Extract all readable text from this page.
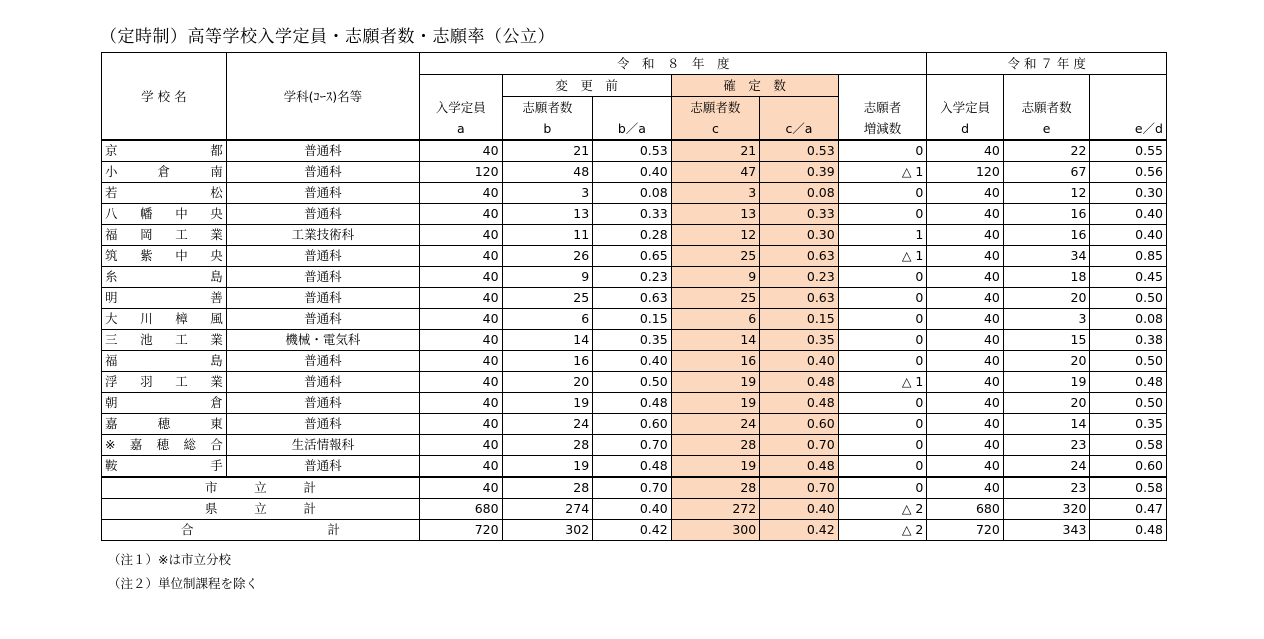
（定時制）高等学校入学定員・志願者数・志願率（公立）
学 校 名	学科(ｺｰｽ)名等	令　和　８　年　度						令 和 ７ 年 度		
			変　更　前		確　定　数					
		入学定員	志願者数		志願者数		志願者	入学定員	志願者数	
		a	b	b／a	c	c／a	増減数	d	e	e／d

京 都	普通科	40	21	0.53	21	0.53	0	40	22	0.55

小 倉 南	普通科	120	48	0.40	47	0.39	△ 1	120	67	0.56

若 松	普通科	40	3	0.08	3	0.08	0	40	12	0.30

八 幡 中 央	普通科	40	13	0.33	13	0.33	0	40	16	0.40

福 岡 工 業	工業技術科	40	11	0.28	12	0.30	1	40	16	0.40

筑 紫 中 央	普通科	40	26	0.65	25	0.63	△ 1	40	34	0.85

糸 島	普通科	40	9	0.23	9	0.23	0	40	18	0.45

明 善	普通科	40	25	0.63	25	0.63	0	40	20	0.50

大 川 樟 風	普通科	40	6	0.15	6	0.15	0	40	3	0.08

三 池 工 業	機械・電気科	40	14	0.35	14	0.35	0	40	15	0.38

福 島	普通科	40	16	0.40	16	0.40	0	40	20	0.50

浮 羽 工 業	普通科	40	20	0.50	19	0.48	△ 1	40	19	0.48

朝 倉	普通科	40	19	0.48	19	0.48	0	40	20	0.50

嘉 穂 東	普通科	40	24	0.60	24	0.60	0	40	14	0.35

※ 嘉 穂 総 合	生活情報科	40	28	0.70	28	0.70	0	40	23	0.58

鞍 手	普通科	40	19	0.48	19	0.48	0	40	24	0.60

市 立 計		40	28	0.70	28	0.70	0	40	23	0.58

県 立 計		680	274	0.40	272	0.40	△ 2	680	320	0.47

合 計		720	302	0.42	300	0.42	△ 2	720	343	0.48
（注１）※は市立分校
（注２）単位制課程を除く
